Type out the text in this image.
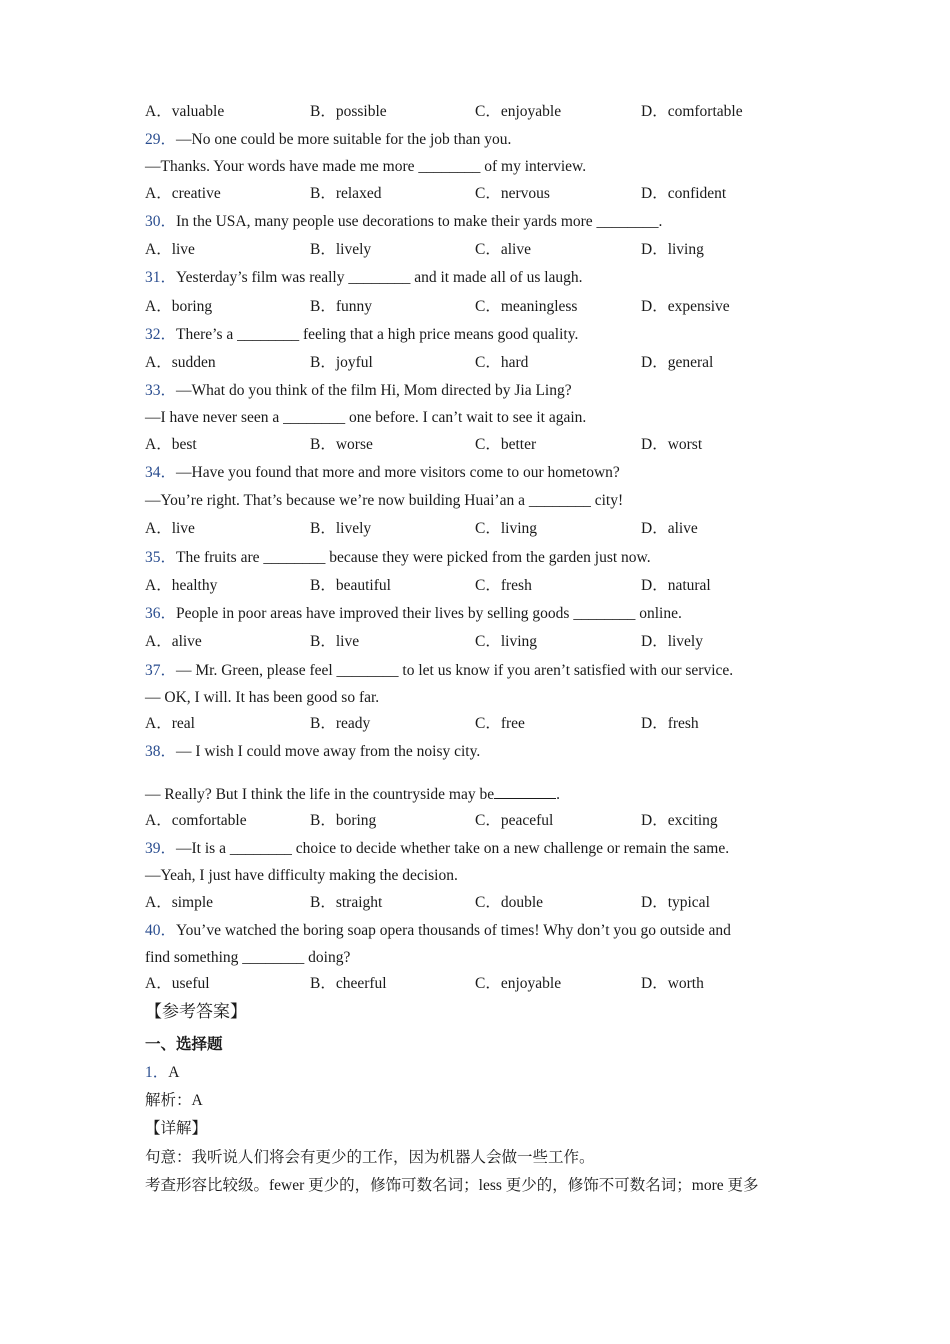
A．valuable	B．possible	C．enjoyable	D．comfortable
29．—No one could be more suitable for the job than you.
—Thanks. Your words have made me more ________ of my interview.
A．creative	B．relaxed	C．nervous	D．confident
30．In the USA, many people use decorations to make their yards more ________.
A．live	B．lively	C．alive	D．living
31．Yesterday’s film was really ________ and it made all of us laugh.
A．boring	B．funny	C．meaningless	D．expensive
32．There’s a ________ feeling that a high price means good quality.
A．sudden	B．joyful	C．hard	D．general
33．—What do you think of the film Hi, Mom directed by Jia Ling?
—I have never seen a ________ one before. I can’t wait to see it again.
A．best	B．worse	C．better	D．worst
34．—Have you found that more and more visitors come to our hometown?
—You’re right. That’s because we’re now building Huai’an a ________ city!
A．live	B．lively	C．living	D．alive
35．The fruits are ________ because they were picked from the garden just now.
A．healthy	B．beautiful	C．fresh	D．natural
36．People in poor areas have improved their lives by selling goods ________ online.
A．alive	B．live	C．living	D．lively
37．— Mr. Green, please feel ________ to let us know if you aren’t satisfied with our service.
— OK, I will. It has been good so far.
A．real	B．ready	C．free	D．fresh
38．— I wish I could move away from the noisy city.
— Really? But I think the life in the countryside may be	.
A．comfortable	B．boring	C．peaceful	D．exciting
39．—It is a ________ choice to decide whether take on a new challenge or remain the same.
—Yeah, I just have difficulty making the decision.
A．simple	B．straight	C．double	D．typical
40．You’ve watched the boring soap opera thousands of times! Why don’t you go outside and
find something ________ doing?
A．useful	B．cheerful	C．enjoyable	D．worth
【参考答案】
一、选择题
1．A
解析：A
【详解】
句意：我听说人们将会有更少的工作，因为机器人会做一些工作。
考查形容比较级。fewer 更少的，修饰可数名词；less 更少的，修饰不可数名词；more 更多
